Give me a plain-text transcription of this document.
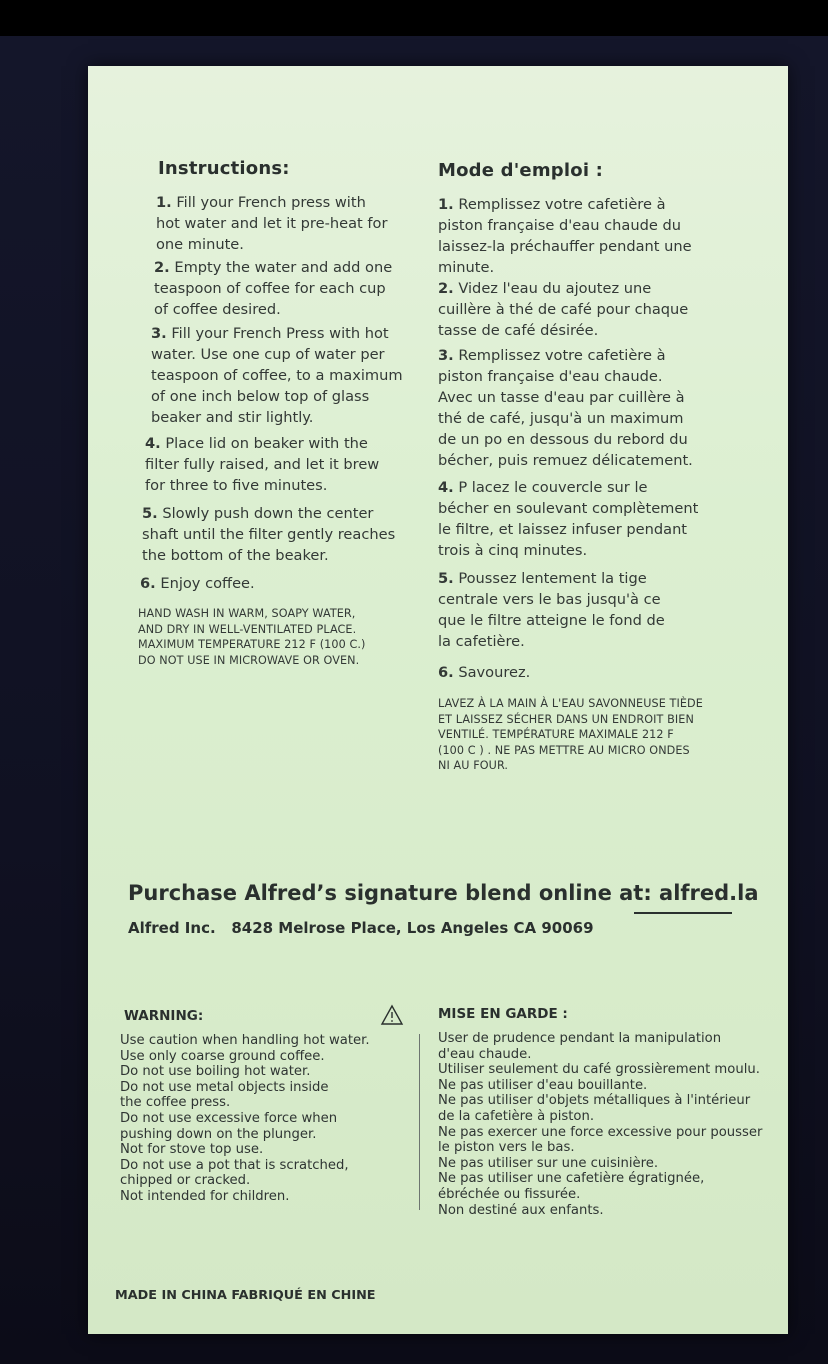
Instructions:
1. Fill your French press with
hot water and let it pre-heat for
one minute.
2. Empty the water and add one
teaspoon of coffee for each cup
of coffee desired.
3. Fill your French Press with hot
water. Use one cup of water per
teaspoon of coffee, to a maximum
of one inch below top of glass
beaker and stir lightly.
4. Place lid on beaker with the
filter fully raised, and let it brew
for three to five minutes.
5. Slowly push down the center
shaft until the filter gently reaches
the bottom of the beaker.
6. Enjoy coffee.
HAND WASH IN WARM, SOAPY WATER,
AND DRY IN WELL-VENTILATED PLACE.
MAXIMUM TEMPERATURE 212 F (100 C.)
DO NOT USE IN MICROWAVE OR OVEN.
Mode d'emploi :
1. Remplissez votre cafetière à
piston française d'eau chaude du
laissez-la préchauffer pendant une
minute.
2. Videz l'eau du ajoutez une
cuillère à thé de café pour chaque
tasse de café désirée.
3. Remplissez votre cafetière à
piston française d'eau chaude.
Avec un tasse d'eau par cuillère à
thé de café, jusqu'à un maximum
de un po en dessous du rebord du
bécher, puis remuez délicatement.
4. P lacez le couvercle sur le
bécher en soulevant complètement
le filtre, et laissez infuser pendant
trois à cinq minutes.
5. Poussez lentement la tige
centrale vers le bas jusqu'à ce
que le filtre atteigne le fond de
la cafetière.
6. Savourez.
LAVEZ À LA MAIN À L'EAU SAVONNEUSE TIÈDE
ET LAISSEZ SÉCHER DANS UN ENDROIT BIEN
VENTILÉ. TEMPÉRATURE MAXIMALE 212 F
(100 C ) . NE PAS METTRE AU MICRO ONDES
NI AU FOUR.
Purchase Alfred’s signature blend online at: alfred.la
Alfred Inc. 8428 Melrose Place, Los Angeles CA 90069
WARNING:
Use caution when handling hot water.
Use only coarse ground coffee.
Do not use boiling hot water.
Do not use metal objects inside
the coffee press.
Do not use excessive force when
pushing down on the plunger.
Not for stove top use.
Do not use a pot that is scratched,
chipped or cracked.
Not intended for children.
MISE EN GARDE :
User de prudence pendant la manipulation
d'eau chaude.
Utiliser seulement du café grossièrement moulu.
Ne pas utiliser d'eau bouillante.
Ne pas utiliser d'objets métalliques à l'intérieur
de la cafetière à piston.
Ne pas exercer une force excessive pour pousser
le piston vers le bas.
Ne pas utiliser sur une cuisinière.
Ne pas utiliser une cafetière égratignée,
ébréchée ou fissurée.
Non destiné aux enfants.
MADE IN CHINA FABRIQUÉ EN CHINE
